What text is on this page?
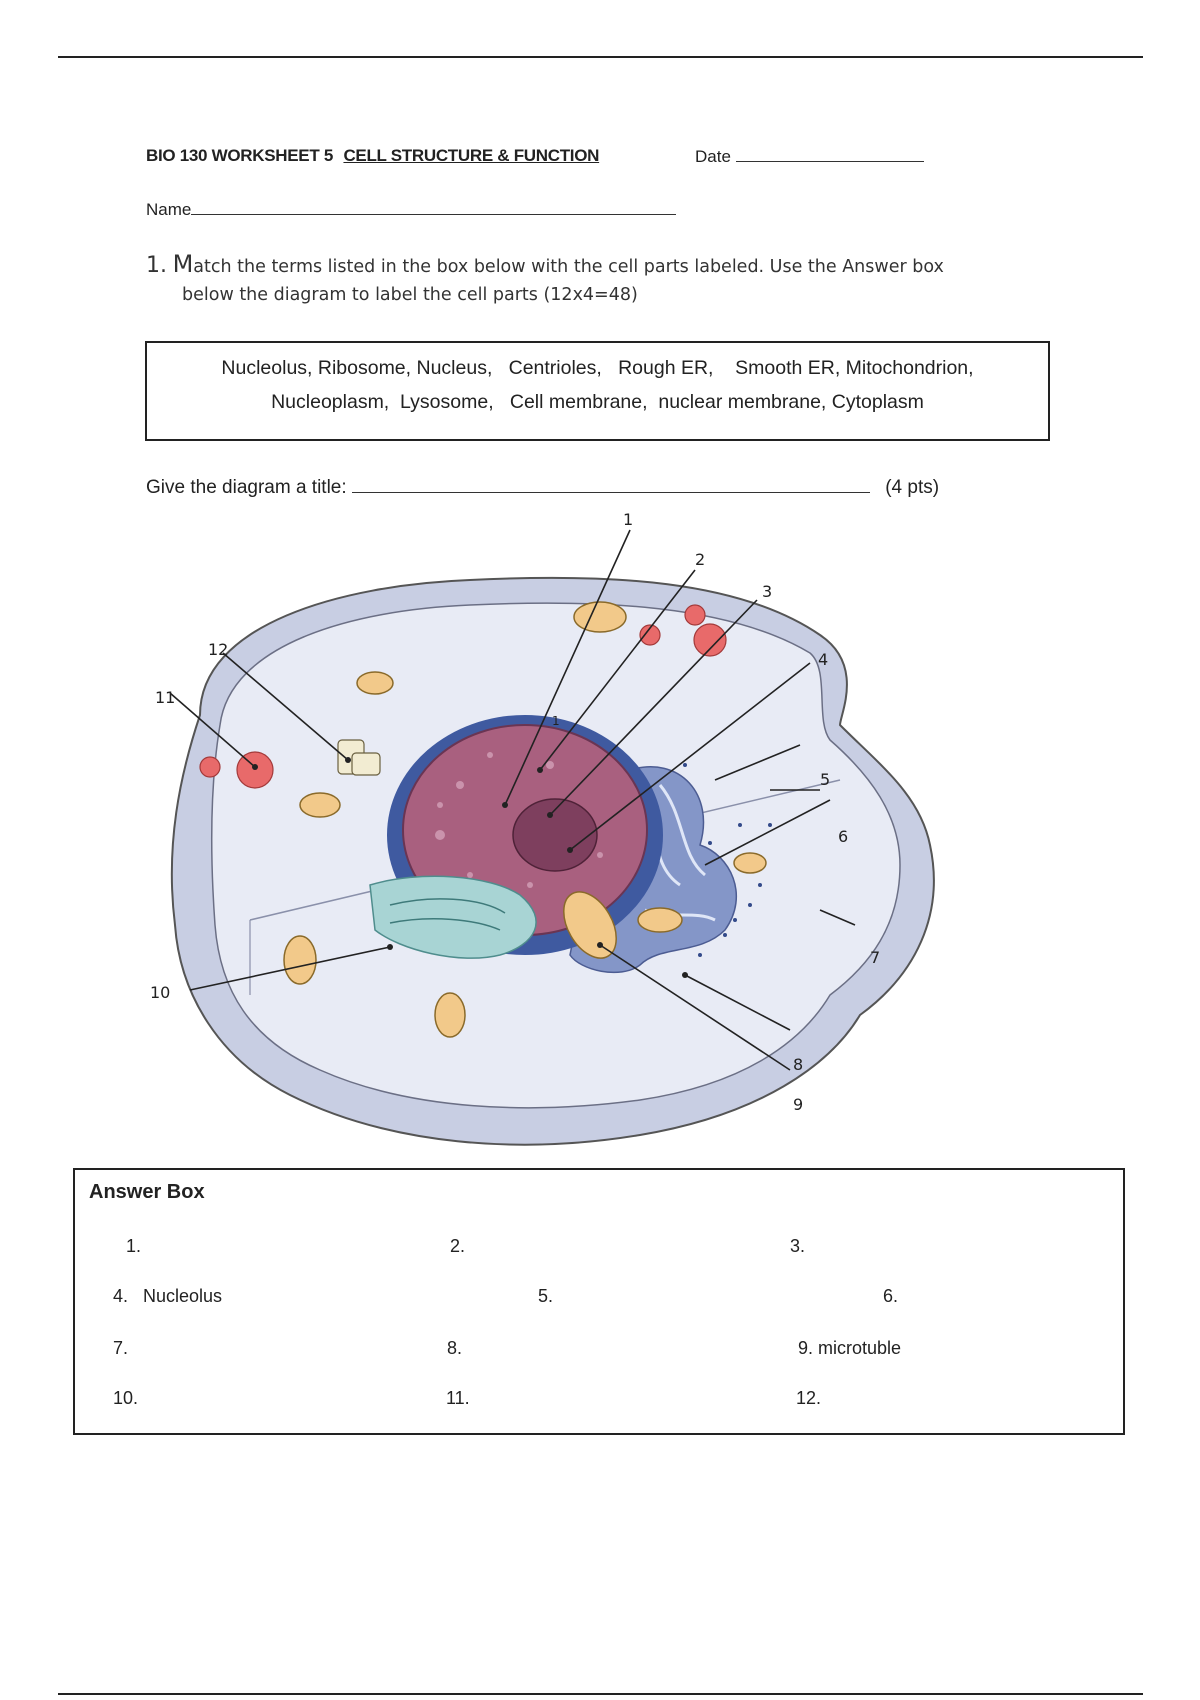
BIO 130 WORKSHEET 5 CELL STRUCTURE & FUNCTION	Date
Name
1. Match the terms listed in the box below with the cell parts labeled. Use the Answer box
below the diagram to label the cell parts (12x4=48)
Nucleolus, Ribosome, Nucleus,   Centrioles,   Rough ER,    Smooth ER, Mitochondrion,
Nucleoplasm,  Lysosome,   Cell membrane,  nuclear membrane, Cytoplasm
Give the diagram a title:	(4 pts)
1
2
3
4
5
6
7
8
9
10
11
12
1
Answer Box
1.	2.	3.
4.   Nucleolus	5.	6.
7.	8.	9. microtuble
10.	11.	12.
